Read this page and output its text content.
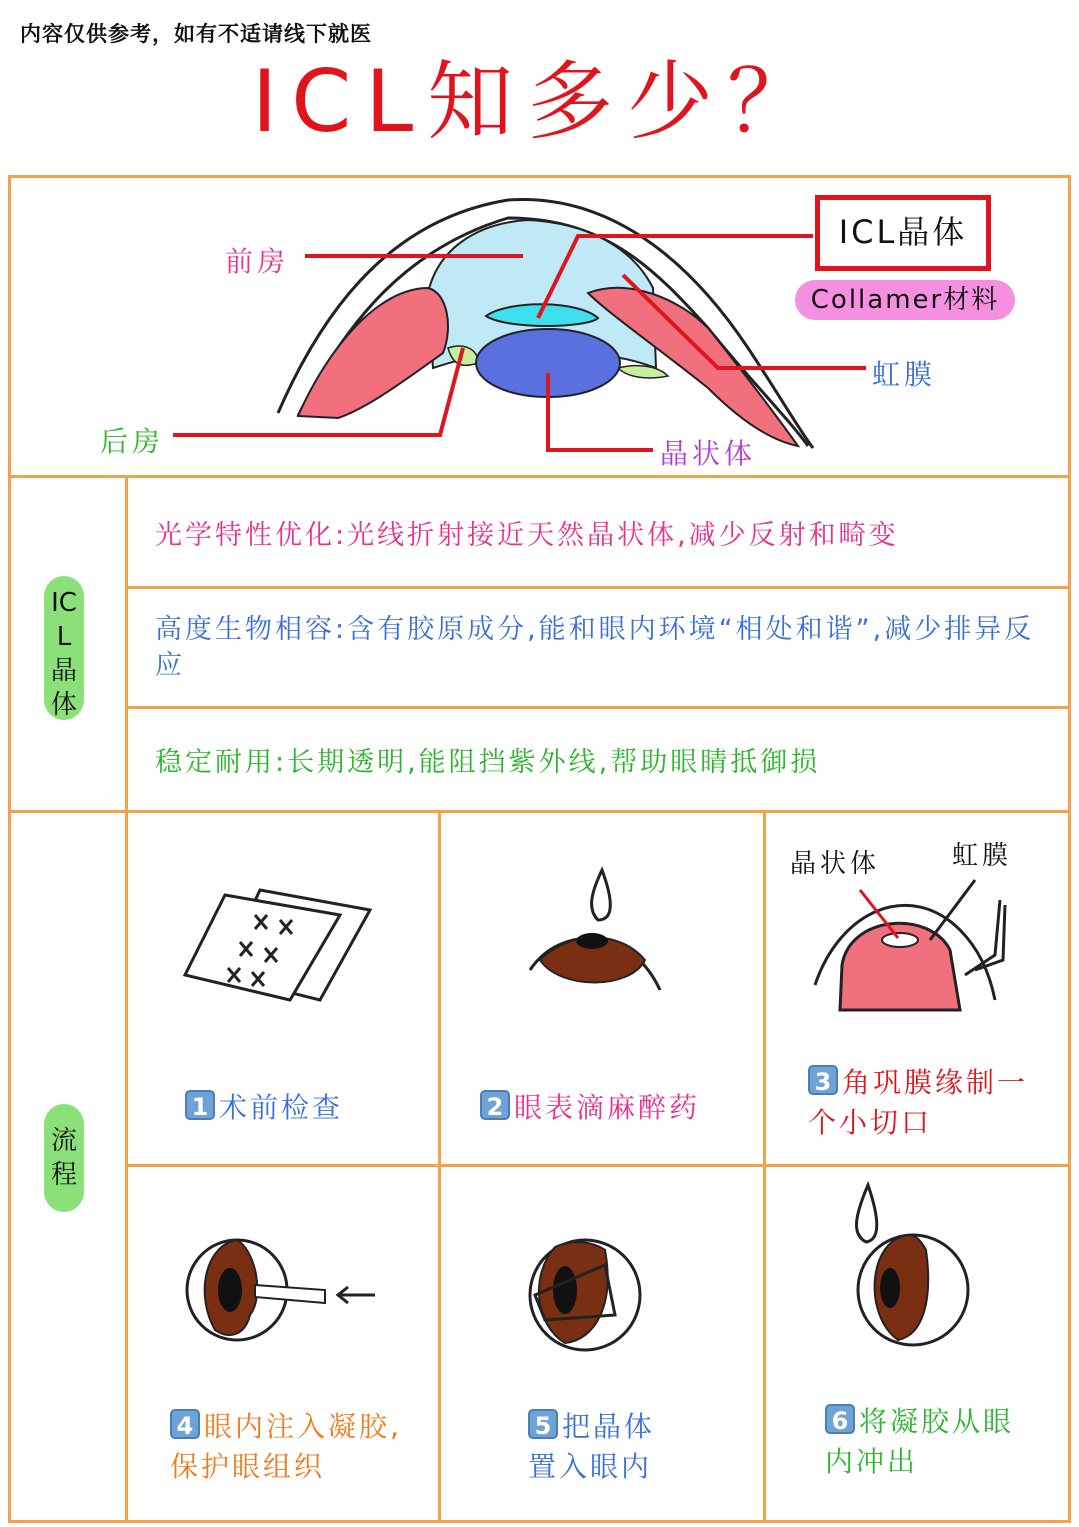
内容仅供参考，如有不适请线下就医
ICL知多少？
前房
后房
ICL晶体
Collamer材料
虹膜
晶状体
ICL晶体
光学特性优化:光线折射接近天然晶状体,减少反射和畸变
高度生物相容:含有胶原成分,能和眼内环境“相处和谐”,减少排异反应
稳定耐用:长期透明,能阻挡紫外线,帮助眼睛抵御损
流程
1 术前检查	2 眼表滴麻醉药
晶状体	虹膜
3 角巩膜缘制一个小切口
4 眼内注入凝胶,保护眼组织
5 把晶体置入眼内
6 将凝胶从眼内冲出
